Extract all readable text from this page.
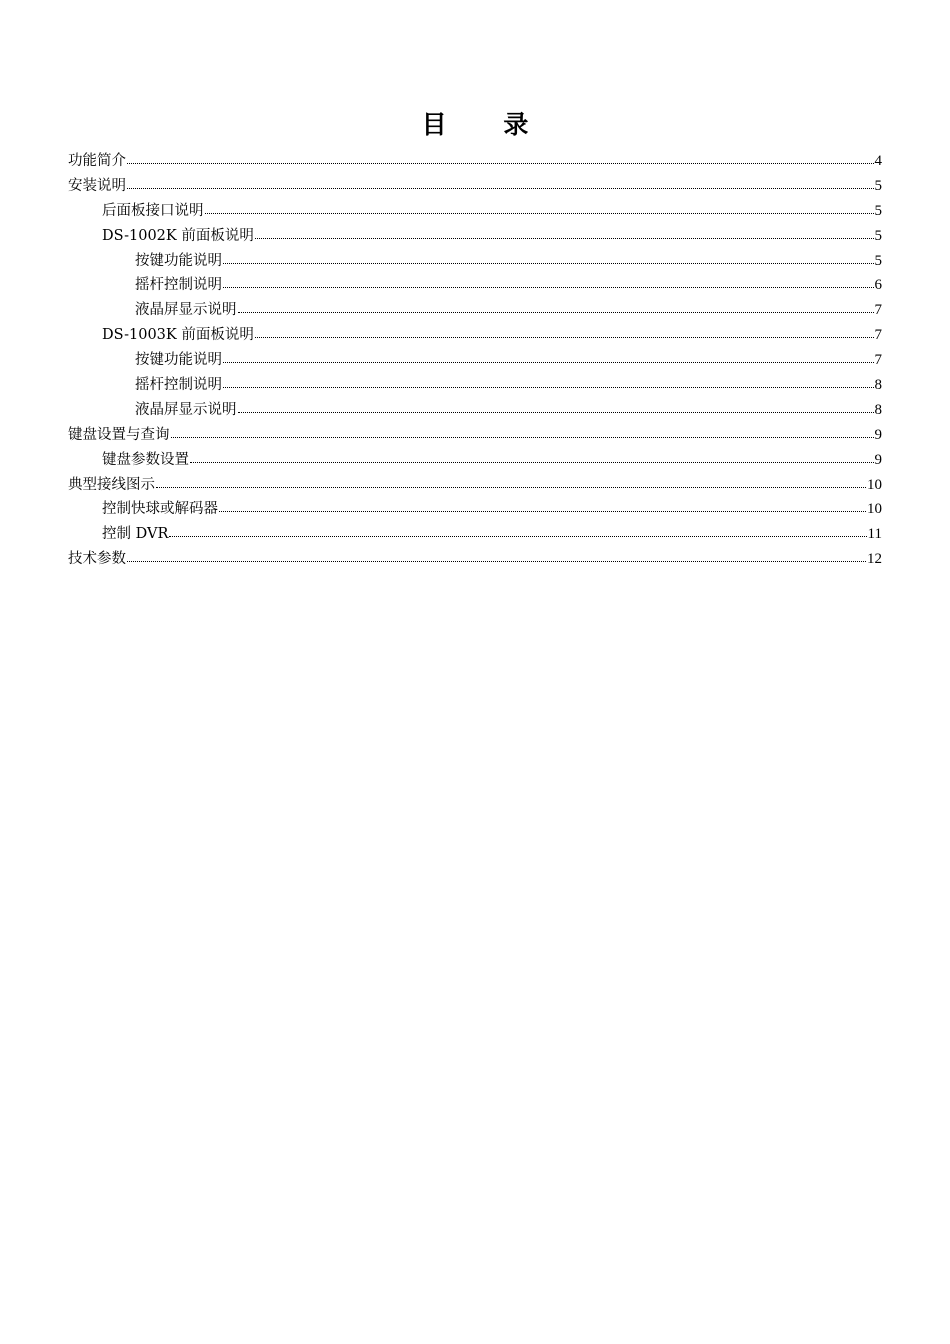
目 录
功能简介	4
安装说明	5
后面板接口说明	5
DS-1002K 前面板说明	5
按键功能说明	5
摇杆控制说明	6
液晶屏显示说明	7
DS-1003K 前面板说明	7
按键功能说明	7
摇杆控制说明	8
液晶屏显示说明	8
键盘设置与查询	9
键盘参数设置	9
典型接线图示	10
控制快球或解码器	10
控制 DVR	11
技术参数	12
